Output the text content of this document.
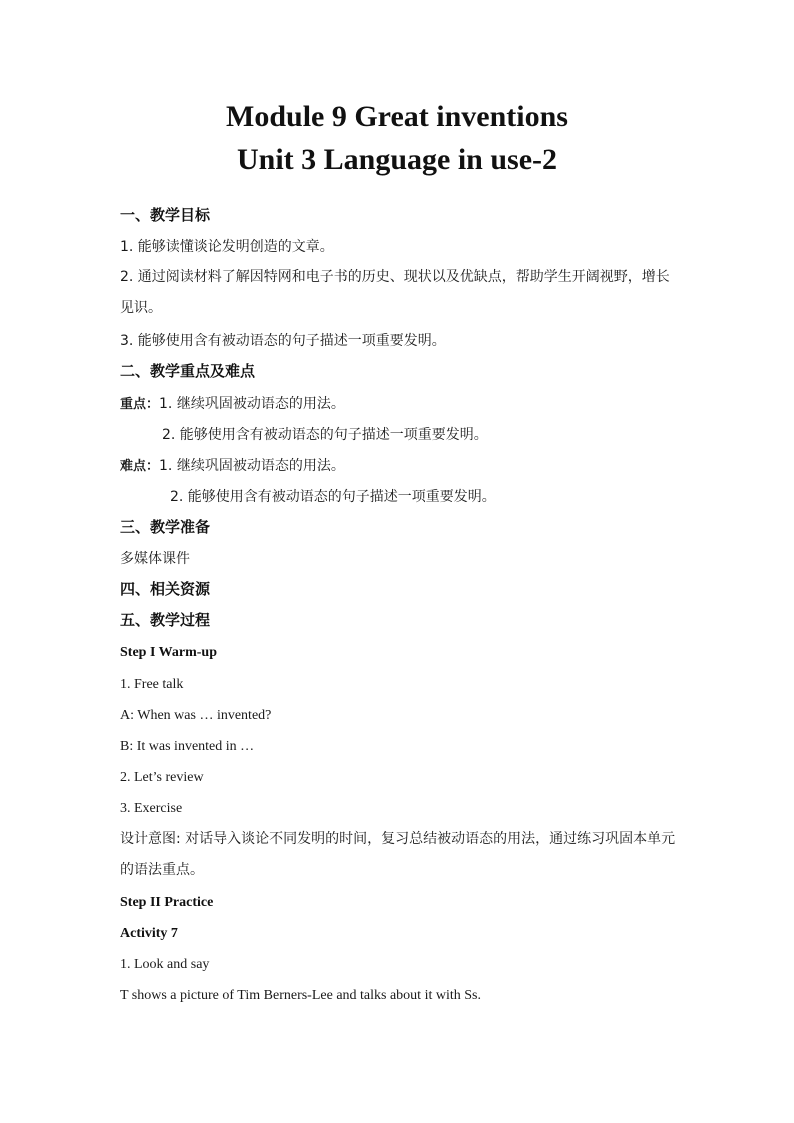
Module 9 Great inventions
Unit 3 Language in use-2
一、教学目标
1. 能够读懂谈论发明创造的文章。
2. 通过阅读材料了解因特网和电子书的历史、现状以及优缺点，帮助学生开阔视野，增长见识。
3. 能够使用含有被动语态的句子描述一项重要发明。
二、教学重点及难点
重点：1. 继续巩固被动语态的用法。
2. 能够使用含有被动语态的句子描述一项重要发明。
难点：1. 继续巩固被动语态的用法。
2. 能够使用含有被动语态的句子描述一项重要发明。
三、教学准备
多媒体课件
四、相关资源
五、教学过程
Step I Warm-up
1. Free talk
A: When was … invented?
B: It was invented in …
2. Let’s review
3. Exercise
设计意图: 对话导入谈论不同发明的时间，复习总结被动语态的用法，通过练习巩固本单元的语法重点。
Step II Practice
Activity 7
1. Look and say
T shows a picture of Tim Berners-Lee and talks about it with Ss.
